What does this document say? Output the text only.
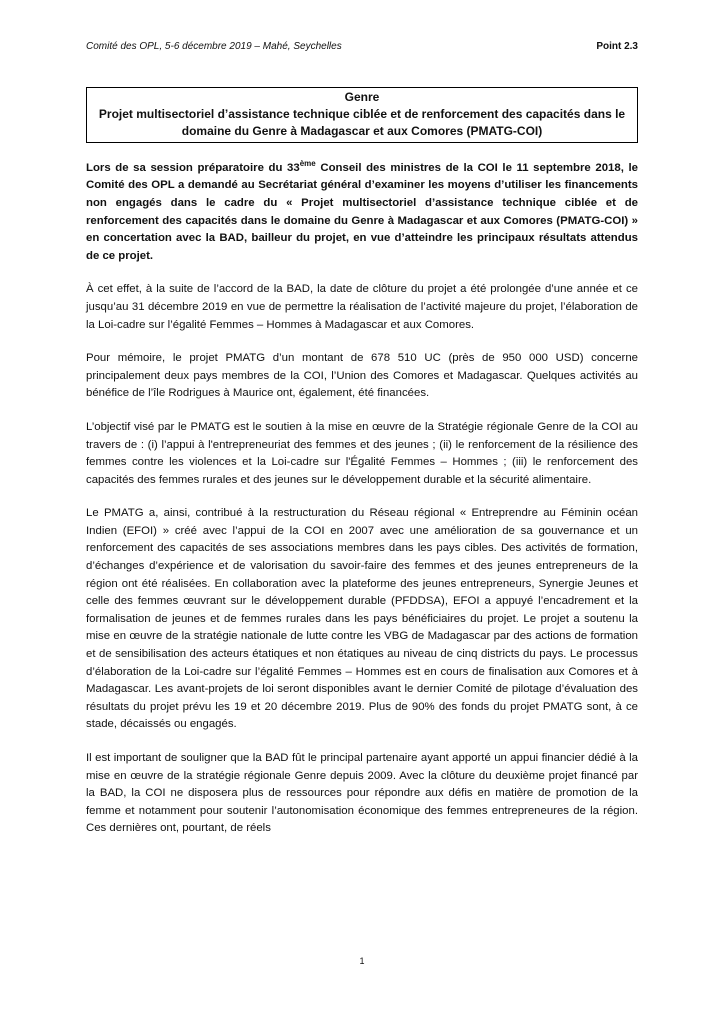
Comité des OPL, 5-6 décembre 2019 – Mahé, Seychelles	Point 2.3
Genre
Projet multisectoriel d’assistance technique ciblée et de renforcement des capacités dans le domaine du Genre à Madagascar et aux Comores (PMATG-COI)

Lors de sa session préparatoire du 33ème Conseil des ministres de la COI le 11 septembre 2018, le Comité des OPL a demandé au Secrétariat général d’examiner les moyens d’utiliser les financements non engagés dans le cadre du « Projet multisectoriel d’assistance technique ciblée et de renforcement des capacités dans le domaine du Genre à Madagascar et aux Comores (PMATG-COI) » en concertation avec la BAD, bailleur du projet, en vue d’atteindre les principaux résultats attendus de ce projet.

À cet effet, à la suite de l’accord de la BAD, la date de clôture du projet a été prolongée d’une année et ce jusqu’au 31 décembre 2019 en vue de permettre la réalisation de l’activité majeure du projet, l’élaboration de la Loi-cadre sur l’égalité Femmes – Hommes à Madagascar et aux Comores.

Pour mémoire, le projet PMATG d’un montant de 678 510 UC (près de 950 000 USD) concerne principalement deux pays membres de la COI, l’Union des Comores et Madagascar. Quelques activités au bénéfice de l’île Rodrigues à Maurice ont, également, été financées.

L’objectif visé par le PMATG est le soutien à la mise en œuvre de la Stratégie régionale Genre de la COI au travers de : (i) l’appui à l'entrepreneuriat des femmes et des jeunes ; (ii) le renforcement de la résilience des femmes contre les violences et la Loi-cadre sur l'Égalité Femmes – Hommes ; (iii) le renforcement des capacités des femmes rurales et des jeunes sur le développement durable et la sécurité alimentaire.

Le PMATG a, ainsi, contribué à la restructuration du Réseau régional « Entreprendre au Féminin océan Indien (EFOI) » créé avec l’appui de la COI en 2007 avec une amélioration de sa gouvernance et un renforcement des capacités de ses associations membres dans les pays cibles. Des activités de formation, d’échanges d’expérience et de valorisation du savoir-faire des femmes et des jeunes entrepreneurs de la région ont été réalisées. En collaboration avec la plateforme des jeunes entrepreneurs, Synergie Jeunes et celle des femmes œuvrant sur le développement durable (PFDDSA), EFOI a appuyé l’encadrement et la formalisation de jeunes et de femmes rurales dans les pays bénéficiaires du projet. Le projet a soutenu la mise en œuvre de la stratégie nationale de lutte contre les VBG de Madagascar par des actions de formation et de sensibilisation des acteurs étatiques et non étatiques au niveau de cinq districts du pays. Le processus d’élaboration de la Loi-cadre sur l’égalité Femmes – Hommes est en cours de finalisation aux Comores et à Madagascar. Les avant-projets de loi seront disponibles avant le dernier Comité de pilotage d’évaluation des résultats du projet prévu les 19 et 20 décembre 2019. Plus de 90% des fonds du projet PMATG sont, à ce stade, décaissés ou engagés.

Il est important de souligner que la BAD fût le principal partenaire ayant apporté un appui financier dédié à la mise en œuvre de la stratégie régionale Genre depuis 2009. Avec la clôture du deuxième projet financé par la BAD, la COI ne disposera plus de ressources pour répondre aux défis en matière de promotion de la femme et notamment pour soutenir l’autonomisation économique des femmes entrepreneures de la région. Ces dernières ont, pourtant, de réels

1
